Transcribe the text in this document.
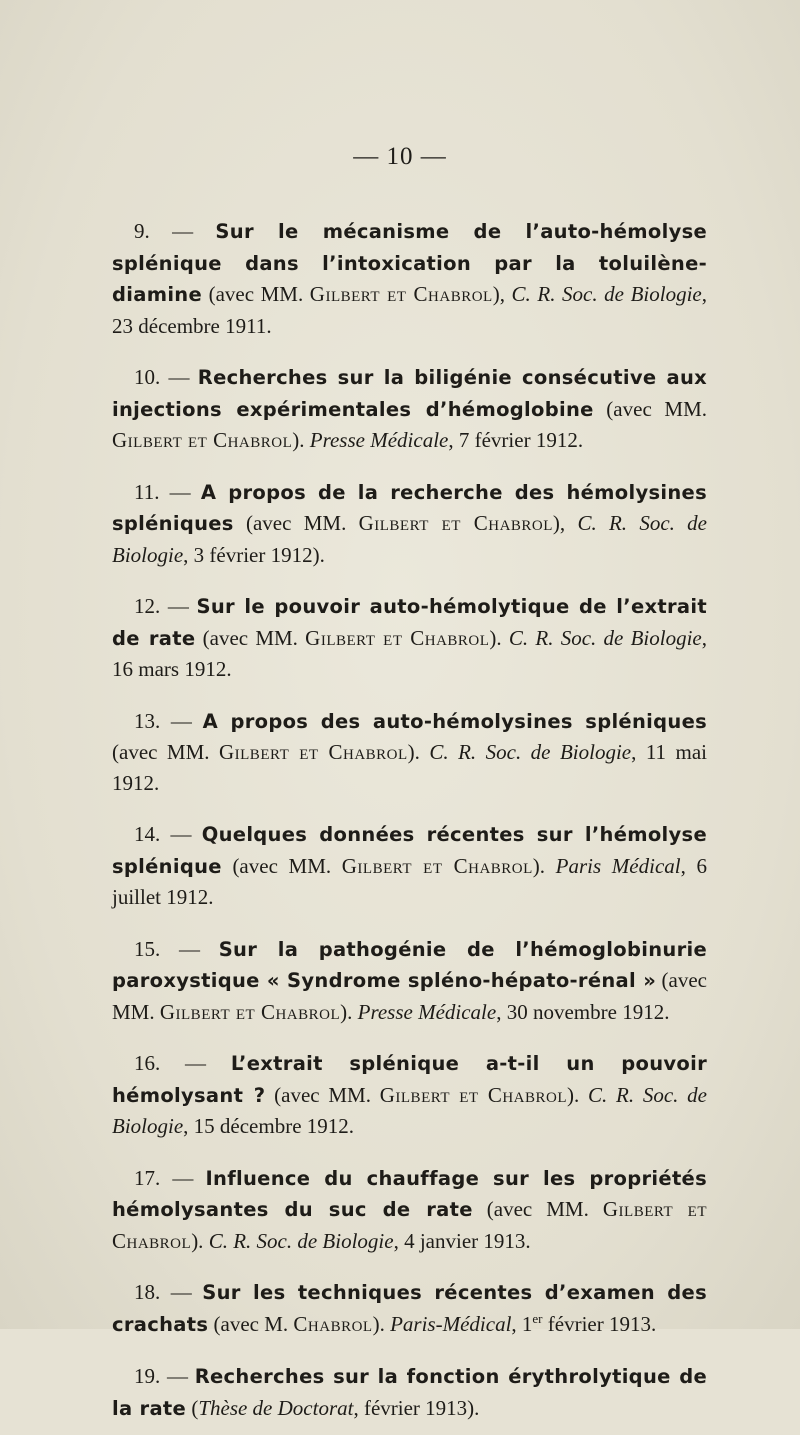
— 10 —

9. — Sur le mécanisme de l’auto-hémolyse splénique dans l’intoxication par la toluilène-diamine (avec MM. Gilbert et Chabrol), C. R. Soc. de Biologie, 23 décembre 1911.

10. — Recherches sur la biligénie consécutive aux injections expérimentales d’hémoglobine (avec MM. Gilbert et Chabrol). Presse Médicale, 7 février 1912.

11. — A propos de la recherche des hémolysines spléniques (avec MM. Gilbert et Chabrol), C. R. Soc. de Biologie, 3 février 1912).

12. — Sur le pouvoir auto-hémolytique de l’extrait de rate (avec MM. Gilbert et Chabrol). C. R. Soc. de Biologie, 16 mars 1912.

13. — A propos des auto-hémolysines spléniques (avec MM. Gilbert et Chabrol). C. R. Soc. de Biologie, 11 mai 1912.

14. — Quelques données récentes sur l’hémolyse splénique (avec MM. Gilbert et Chabrol). Paris Médical, 6 juillet 1912.

15. — Sur la pathogénie de l’hémoglobinurie paroxystique « Syndrome spléno-hépato-rénal » (avec MM. Gilbert et Chabrol). Presse Médicale, 30 novembre 1912.

16. — L’extrait splénique a-t-il un pouvoir hémolysant ? (avec MM. Gilbert et Chabrol). C. R. Soc. de Biologie, 15 décembre 1912.

17. — Influence du chauffage sur les propriétés hémolysantes du suc de rate (avec MM. Gilbert et Chabrol). C. R. Soc. de Biologie, 4 janvier 1913.

18. — Sur les techniques récentes d’examen des crachats (avec M. Chabrol). Paris-Médical, 1er février 1913.

19. — Recherches sur la fonction érythrolytique de la rate (Thèse de Doctorat, février 1913).
